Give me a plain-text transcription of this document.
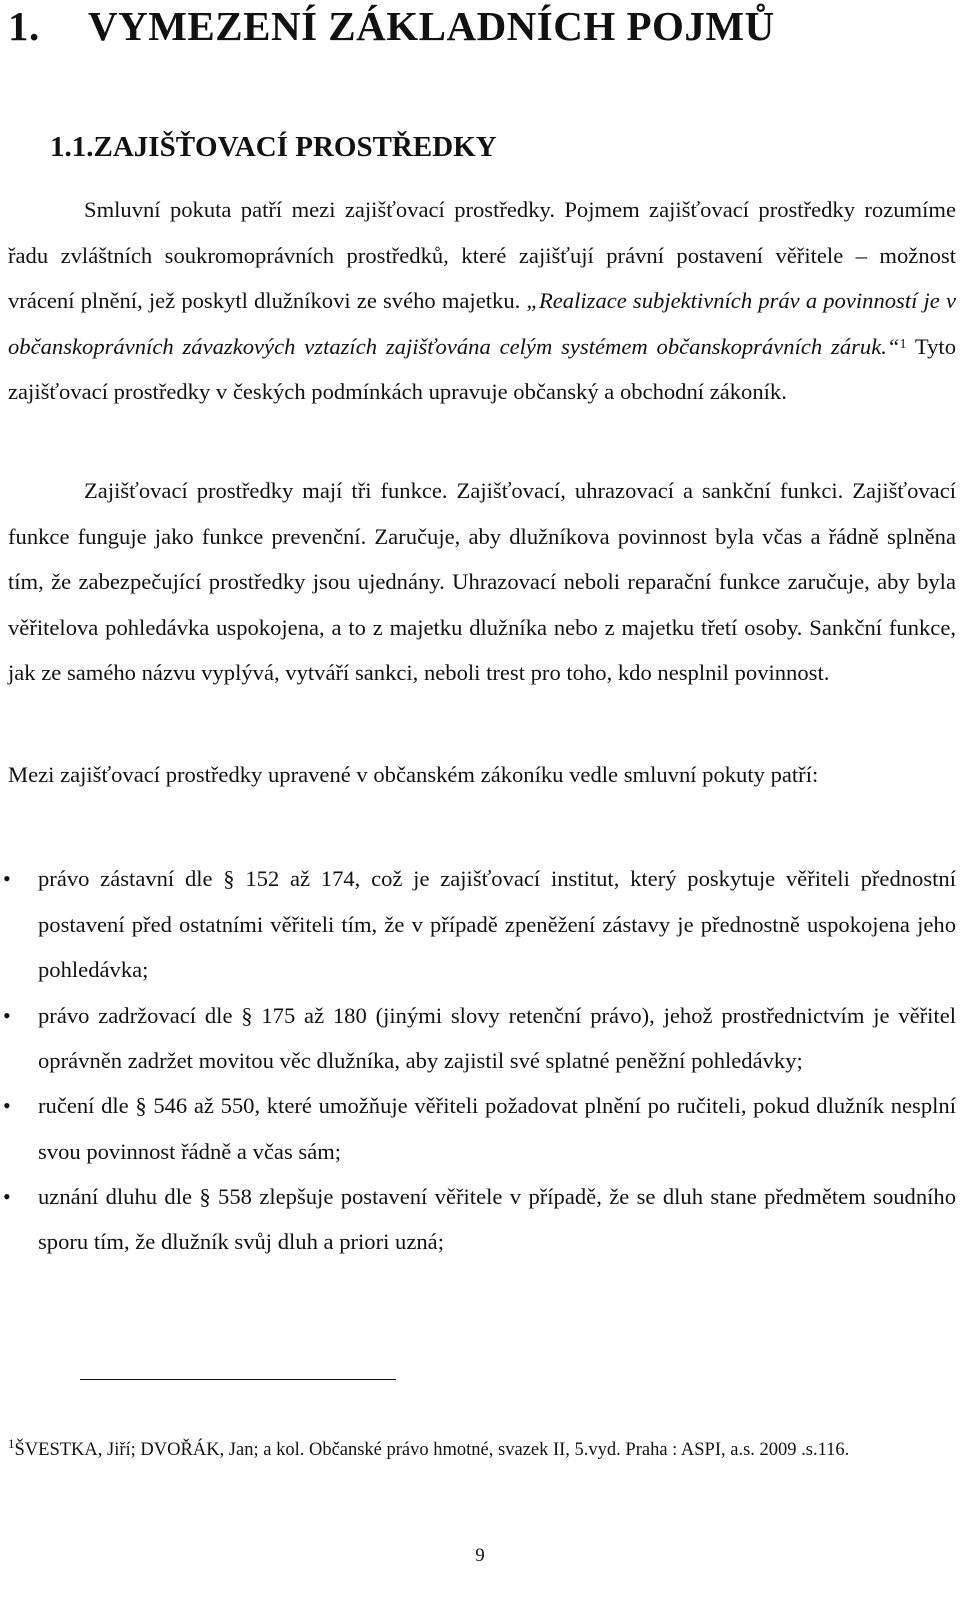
1. VYMEZENÍ ZÁKLADNÍCH POJMŮ
1.1.ZAJIŠŤOVACÍ PROSTŘEDKY

Smluvní pokuta patří mezi zajišťovací prostředky. Pojmem zajišťovací prostředky rozumíme řadu zvláštních soukromoprávních prostředků, které zajišťují právní postavení věřitele – možnost vrácení plnění, jež poskytl dlužníkovi ze svého majetku. „Realizace subjektivních práv a povinností je v občanskoprávních závazkových vztazích zajišťována celým systémem občanskoprávních záruk.“$^1$ Tyto zajišťovací prostředky v českých podmínkách upravuje občanský a obchodní zákoník.

Zajišťovací prostředky mají tři funkce. Zajišťovací, uhrazovací a sankční funkci. Zajišťovací funkce funguje jako funkce prevenční. Zaručuje, aby dlužníkova povinnost byla včas a řádně splněna tím, že zabezpečující prostředky jsou ujednány. Uhrazovací neboli reparační funkce zaručuje, aby byla věřitelova pohledávka uspokojena, a to z majetku dlužníka nebo z majetku třetí osoby. Sankční funkce, jak ze samého názvu vyplývá, vytváří sankci, neboli trest pro toho, kdo nesplnil povinnost.

Mezi zajišťovací prostředky upravené v občanském zákoníku vedle smluvní pokuty patří:

• právo zástavní dle § 152 až 174, což je zajišťovací institut, který poskytuje věřiteli přednostní postavení před ostatními věřiteli tím, že v případě zpeněžení zástavy je přednostně uspokojena jeho pohledávka;
• právo zadržovací dle § 175 až 180 (jinými slovy retenční právo), jehož prostřednictvím je věřitel oprávněn zadržet movitou věc dlužníka, aby zajistil své splatné peněžní pohledávky;
• ručení dle § 546 až 550, které umožňuje věřiteli požadovat plnění po ručiteli, pokud dlužník nesplní svou povinnost řádně a včas sám;
• uznání dluhu dle § 558 zlepšuje postavení věřitele v případě, že se dluh stane předmětem soudního sporu tím, že dlužník svůj dluh a priori uzná;

$^1$ŠVESTKA, Jiří; DVOŘÁK, Jan; a kol. Občanské právo hmotné, svazek II, 5.vyd. Praha : ASPI, a.s. 2009 .s.116.

9
